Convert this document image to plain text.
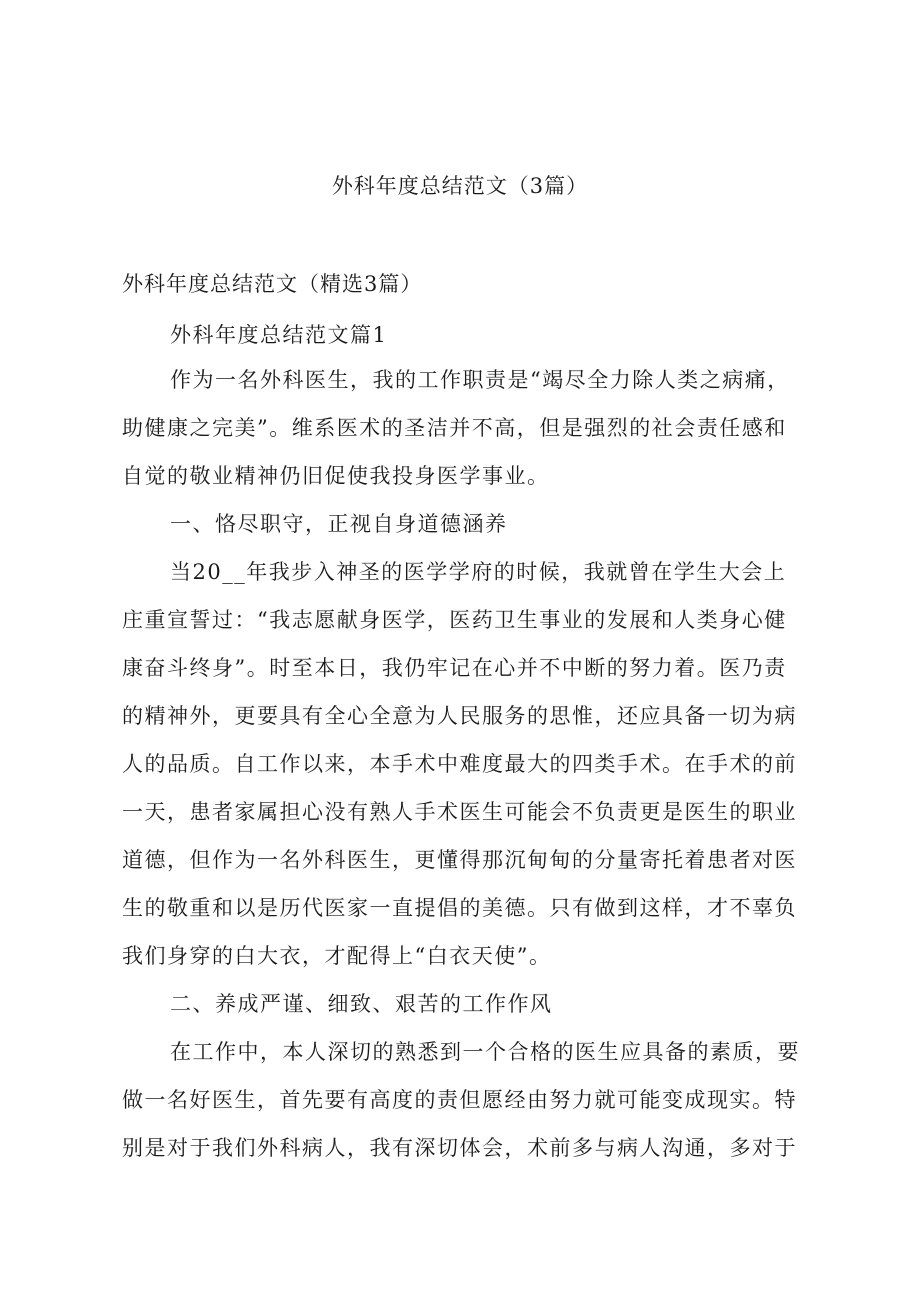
外科年度总结范文（3篇）
外科年度总结范文（精选3篇）
外科年度总结范文篇1
作为一名外科医生，我的工作职责是“竭尽全力除人类之病痛，
助健康之完美”。维系医术的圣洁并不高，但是强烈的社会责任感和
自觉的敬业精神仍旧促使我投身医学事业。
一、恪尽职守，正视自身道德涵养
当20__年我步入神圣的医学学府的时候，我就曾在学生大会上
庄重宣誓过：“我志愿献身医学，医药卫生事业的发展和人类身心健
康奋斗终身”。时至本日，我仍牢记在心并不中断的努力着。医乃责
的精神外，更要具有全心全意为人民服务的思惟，还应具备一切为病
人的品质。自工作以来，本手术中难度最大的四类手术。在手术的前
一天，患者家属担心没有熟人手术医生可能会不负责更是医生的职业
道德，但作为一名外科医生，更懂得那沉甸甸的分量寄托着患者对医
生的敬重和以是历代医家一直提倡的美德。只有做到这样，才不辜负
我们身穿的白大衣，才配得上“白衣天使”。
二、养成严谨、细致、艰苦的工作作风
在工作中，本人深切的熟悉到一个合格的医生应具备的素质，要
做一名好医生，首先要有高度的责但愿经由努力就可能变成现实。特
别是对于我们外科病人，我有深切体会，术前多与病人沟通，多对于
